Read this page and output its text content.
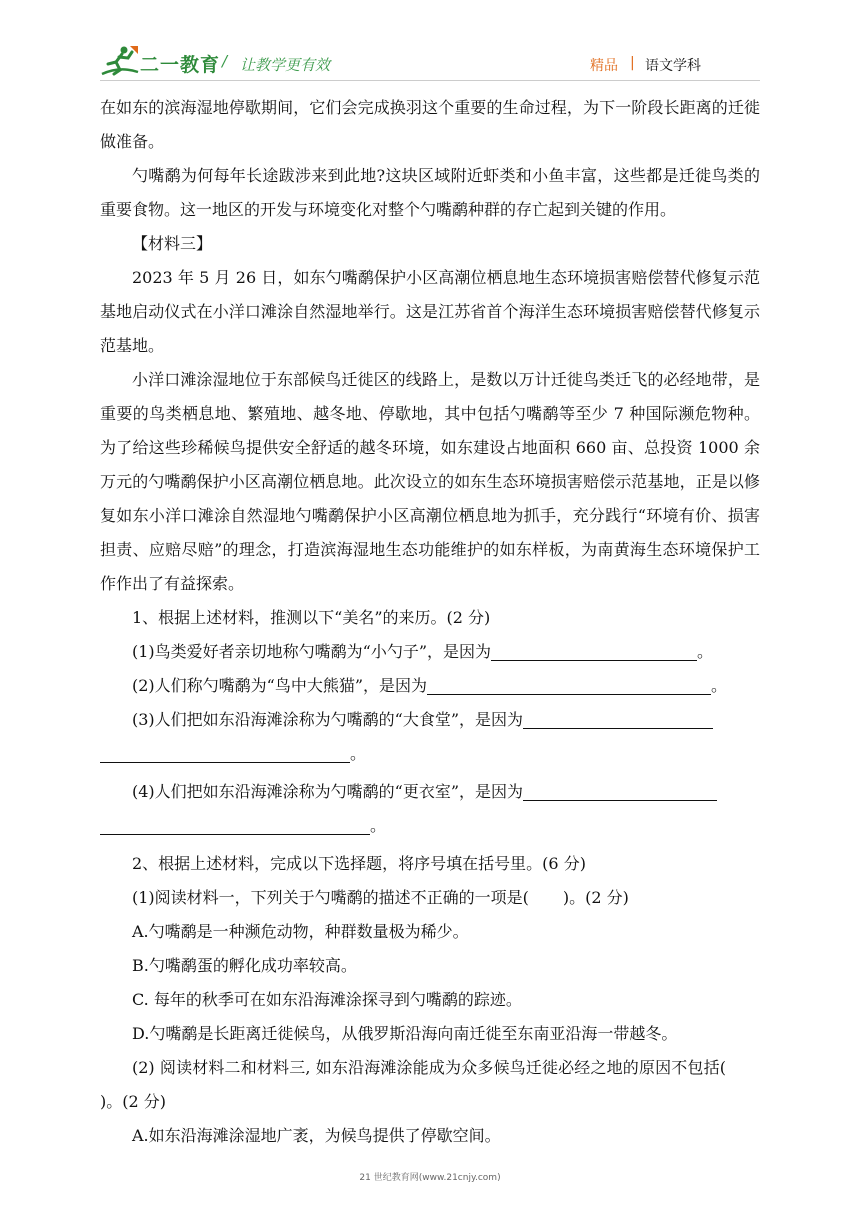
二一教育 / 让教学更有效	精品 | 语文学科

在如东的滨海湿地停歇期间，它们会完成换羽这个重要的生命过程，为下一阶段长距离的迁徙做准备。

勺嘴鹬为何每年长途跋涉来到此地?这块区域附近虾类和小鱼丰富，这些都是迁徙鸟类的重要食物。这一地区的开发与环境变化对整个勺嘴鹬种群的存亡起到关键的作用。

【材料三】

2023 年 5 月 26 日，如东勺嘴鹬保护小区高潮位栖息地生态环境损害赔偿替代修复示范基地启动仪式在小洋口滩涂自然湿地举行。这是江苏省首个海洋生态环境损害赔偿替代修复示范基地。

小洋口滩涂湿地位于东部候鸟迁徙区的线路上，是数以万计迁徙鸟类迁飞的必经地带，是重要的鸟类栖息地、繁殖地、越冬地、停歇地，其中包括勺嘴鹬等至少 7 种国际濒危物种。为了给这些珍稀候鸟提供安全舒适的越冬环境，如东建设占地面积 660 亩、总投资 1000 余万元的勺嘴鹬保护小区高潮位栖息地。此次设立的如东生态环境损害赔偿示范基地，正是以修复如东小洋口滩涂自然湿地勺嘴鹬保护小区高潮位栖息地为抓手，充分践行“环境有价、损害担责、应赔尽赔”的理念，打造滨海湿地生态功能维护的如东样板，为南黄海生态环境保护工作作出了有益探索。

1、根据上述材料，推测以下“美名”的来历。(2 分)

(1)鸟类爱好者亲切地称勺嘴鹬为“小勺子”，是因为	。

(2)人们称勺嘴鹬为“鸟中大熊猫”，是因为	。

(3)人们把如东沿海滩涂称为勺嘴鹬的“大食堂”，是因为

。

(4)人们把如东沿海滩涂称为勺嘴鹬的“更衣室”，是因为

。

2、根据上述材料，完成以下选择题，将序号填在括号里。(6 分)

(1)阅读材料一，下列关于勺嘴鹬的描述不正确的一项是( )。(2 分)

A.勺嘴鹬是一种濒危动物，种群数量极为稀少。

B.勺嘴鹬蛋的孵化成功率较高。

C. 每年的秋季可在如东沿海滩涂探寻到勺嘴鹬的踪迹。

D.勺嘴鹬是长距离迁徙候鸟，从俄罗斯沿海向南迁徙至东南亚沿海一带越冬。

(2) 阅读材料二和材料三, 如东沿海滩涂能成为众多候鸟迁徙必经之地的原因不包括()。(2 分)

A.如东沿海滩涂湿地广袤，为候鸟提供了停歇空间。

21 世纪教育网(www.21cnjy.com)
